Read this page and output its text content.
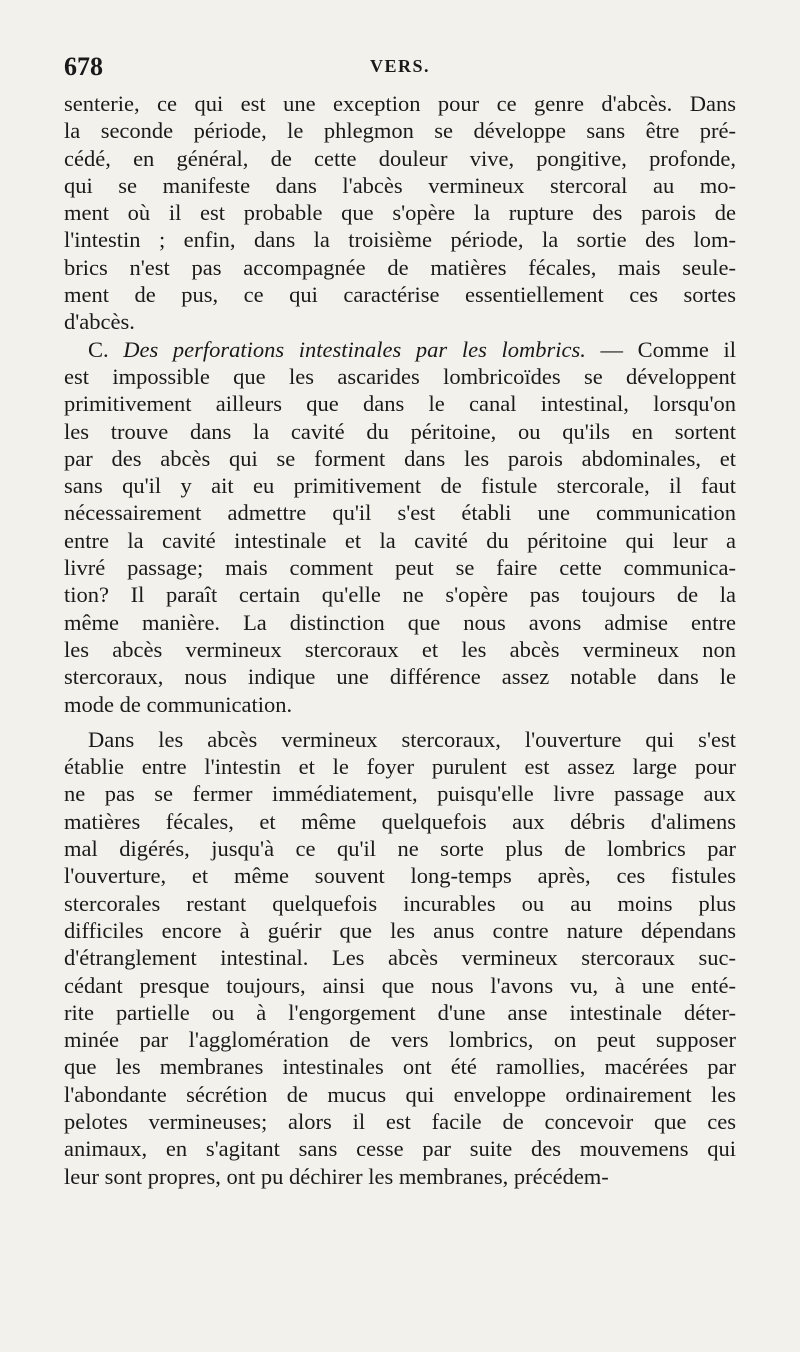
678	VERS.
senterie, ce qui est une exception pour ce genre d'abcès. Dans
la seconde période, le phlegmon se développe sans être pré-
cédé, en général, de cette douleur vive, pongitive, profonde,
qui se manifeste dans l'abcès vermineux stercoral au mo-
ment où il est probable que s'opère la rupture des parois de
l'intestin ; enfin, dans la troisième période, la sortie des lom-
brics n'est pas accompagnée de matières fécales, mais seule-
ment de pus, ce qui caractérise essentiellement ces sortes
d'abcès.
C. Des perforations intestinales par les lombrics. — Comme il
est impossible que les ascarides lombricoïdes se développent
primitivement ailleurs que dans le canal intestinal, lorsqu'on
les trouve dans la cavité du péritoine, ou qu'ils en sortent
par des abcès qui se forment dans les parois abdominales, et
sans qu'il y ait eu primitivement de fistule stercorale, il faut
nécessairement admettre qu'il s'est établi une communication
entre la cavité intestinale et la cavité du péritoine qui leur a
livré passage; mais comment peut se faire cette communica-
tion? Il paraît certain qu'elle ne s'opère pas toujours de la
même manière. La distinction que nous avons admise entre
les abcès vermineux stercoraux et les abcès vermineux non
stercoraux, nous indique une différence assez notable dans le
mode de communication.
Dans les abcès vermineux stercoraux, l'ouverture qui s'est
établie entre l'intestin et le foyer purulent est assez large pour
ne pas se fermer immédiatement, puisqu'elle livre passage aux
matières fécales, et même quelquefois aux débris d'alimens
mal digérés, jusqu'à ce qu'il ne sorte plus de lombrics par
l'ouverture, et même souvent long-temps après, ces fistules
stercorales restant quelquefois incurables ou au moins plus
difficiles encore à guérir que les anus contre nature dépendans
d'étranglement intestinal. Les abcès vermineux stercoraux suc-
cédant presque toujours, ainsi que nous l'avons vu, à une enté-
rite partielle ou à l'engorgement d'une anse intestinale déter-
minée par l'agglomération de vers lombrics, on peut supposer
que les membranes intestinales ont été ramollies, macérées par
l'abondante sécrétion de mucus qui enveloppe ordinairement les
pelotes vermineuses; alors il est facile de concevoir que ces
animaux, en s'agitant sans cesse par suite des mouvemens qui
leur sont propres, ont pu déchirer les membranes, précédem-
